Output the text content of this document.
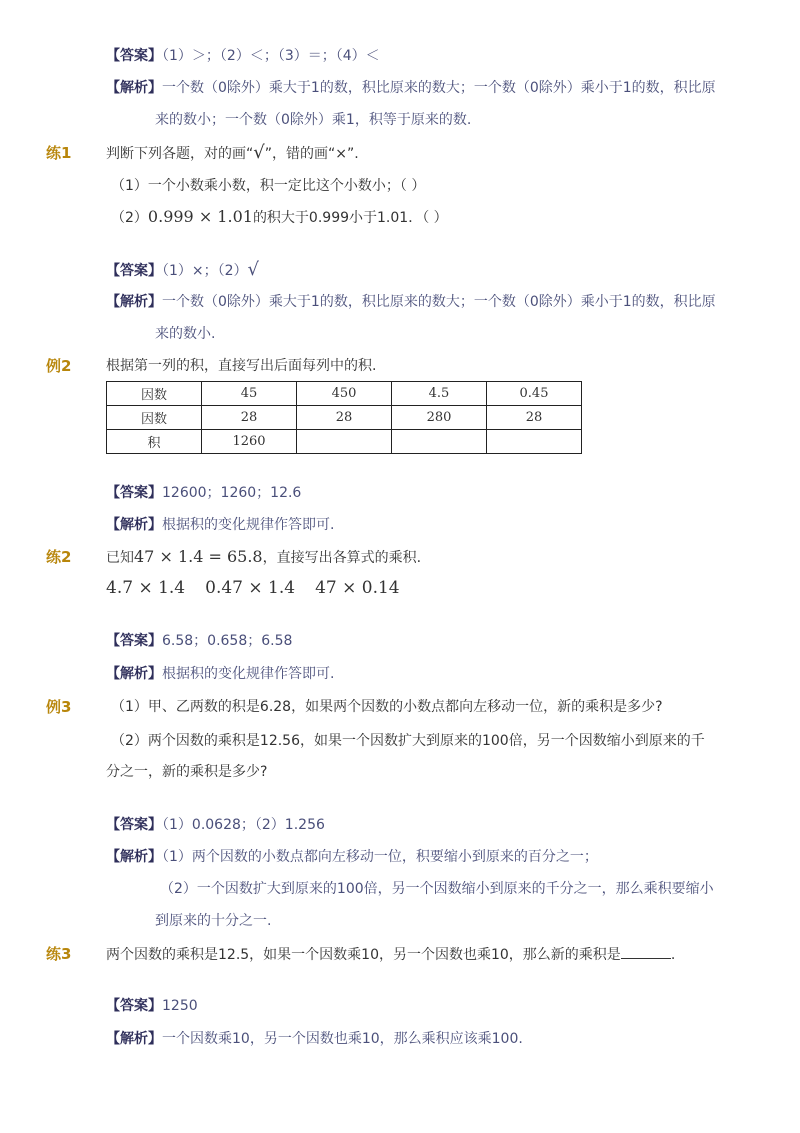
【答案】（1）＞；（2）＜；（3）＝；（4）＜
【解析】一个数（0除外）乘大于1的数，积比原来的数大；一个数（0除外）乘小于1的数，积比原
来的数小；一个数（0除外）乘1，积等于原来的数.
练1 判断下列各题，对的画“√”，错的画“×”.
（1）一个小数乘小数，积一定比这个小数小；（ ）
（2）0.999 × 1.01的积大于0.999小于1.01．（ ）
【答案】（1）×；（2）√
【解析】一个数（0除外）乘大于1的数，积比原来的数大；一个数（0除外）乘小于1的数，积比原
来的数小.
例2 根据第一列的积，直接写出后面每列中的积.
因数	45	450	4.5	0.45
因数	28	28	280	28
积	1260			
【答案】12600；1260；12.6
【解析】根据积的变化规律作答即可.
练2 已知47 × 1.4 = 65.8，直接写出各算式的乘积.
4.7 × 1.4 0.47 × 1.4 47 × 0.14
【答案】6.58；0.658；6.58
【解析】根据积的变化规律作答即可.
例3	（1）甲、乙两数的积是6.28，如果两个因数的小数点都向左移动一位，新的乘积是多少?
（2）两个因数的乘积是12.56，如果一个因数扩大到原来的100倍，另一个因数缩小到原来的千
分之一，新的乘积是多少?
【答案】（1）0.0628；（2）1.256
【解析】（1）两个因数的小数点都向左移动一位，积要缩小到原来的百分之一；
（2）一个因数扩大到原来的100倍，另一个因数缩小到原来的千分之一，那么乘积要缩小
到原来的十分之一.
练3 两个因数的乘积是12.5，如果一个因数乘10，另一个因数也乘10，那么新的乘积是	.
【答案】1250
【解析】一个因数乘10，另一个因数也乘10，那么乘积应该乘100.
